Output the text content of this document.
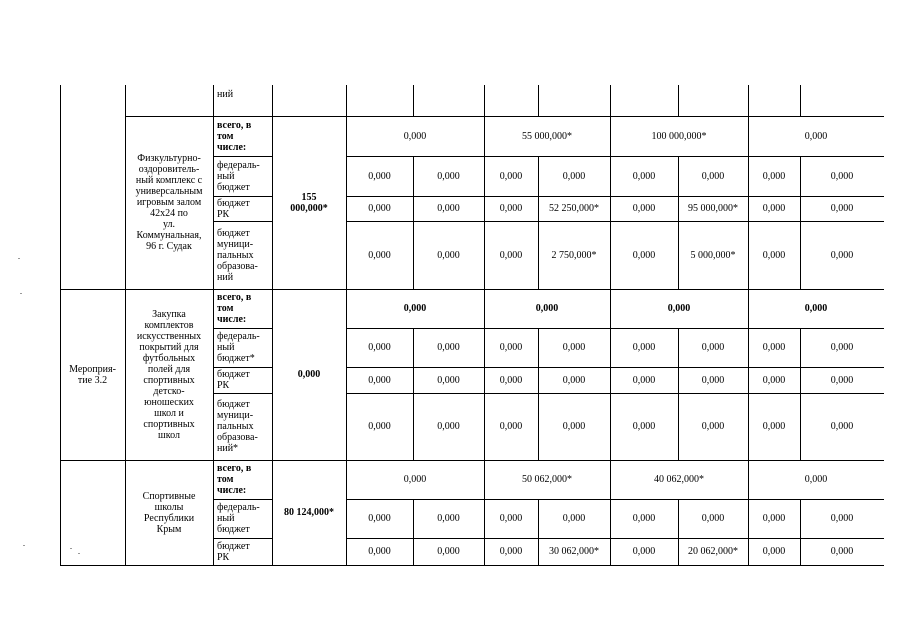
ний
Физкультурно-
оздоровитель-
ный комплекс с
универсальным
игровым залом
42х24 по
ул.
Коммунальная,
96 г. Судак
155
000,000*
всего, в
том
числе:
0,000	55 000,000*	100 000,000*	0,000
федераль-
ный
бюджет
0,000	0,000	0,000	0,000	0,000	0,000	0,000	0,000
бюджет
РК	0,000	0,000	0,000	52 250,000*	0,000	95 000,000* 0,000	0,000
бюджет
муници-
пальных
образова-
ний
0,000	0,000	0,000	2 750,000*	0,000	5 000,000*	0,000	0,000
Мероприя-
тие 3.2
Закупка
комплектов
искусственных
покрытий для
футбольных
полей для
спортивных
детско-
юношеских
школ и
спортивных
школ
0,000
всего, в
том
числе:
0,000	0,000	0,000	0,000
федераль-
ный
бюджет*
0,000	0,000	0,000	0,000	0,000	0,000	0,000	0,000
бюджет
РК	0,000	0,000	0,000	0,000	0,000	0,000	0,000	0,000
бюджет
муници-
пальных
образова-
ний*
0,000	0,000	0,000	0,000	0,000	0,000	0,000	0,000
Спортивные
школы
Республики
Крым
80 124,000*
всего, в
том
числе:
0,000	50 062,000*	40 062,000*	0,000
федераль-
ный
бюджет
0,000	0,000	0,000	0,000	0,000	0,000	0,000	0,000
бюджет
РК	0,000	0,000	0,000	30 062,000*	0,000	20 062,000* 0,000	0,000
